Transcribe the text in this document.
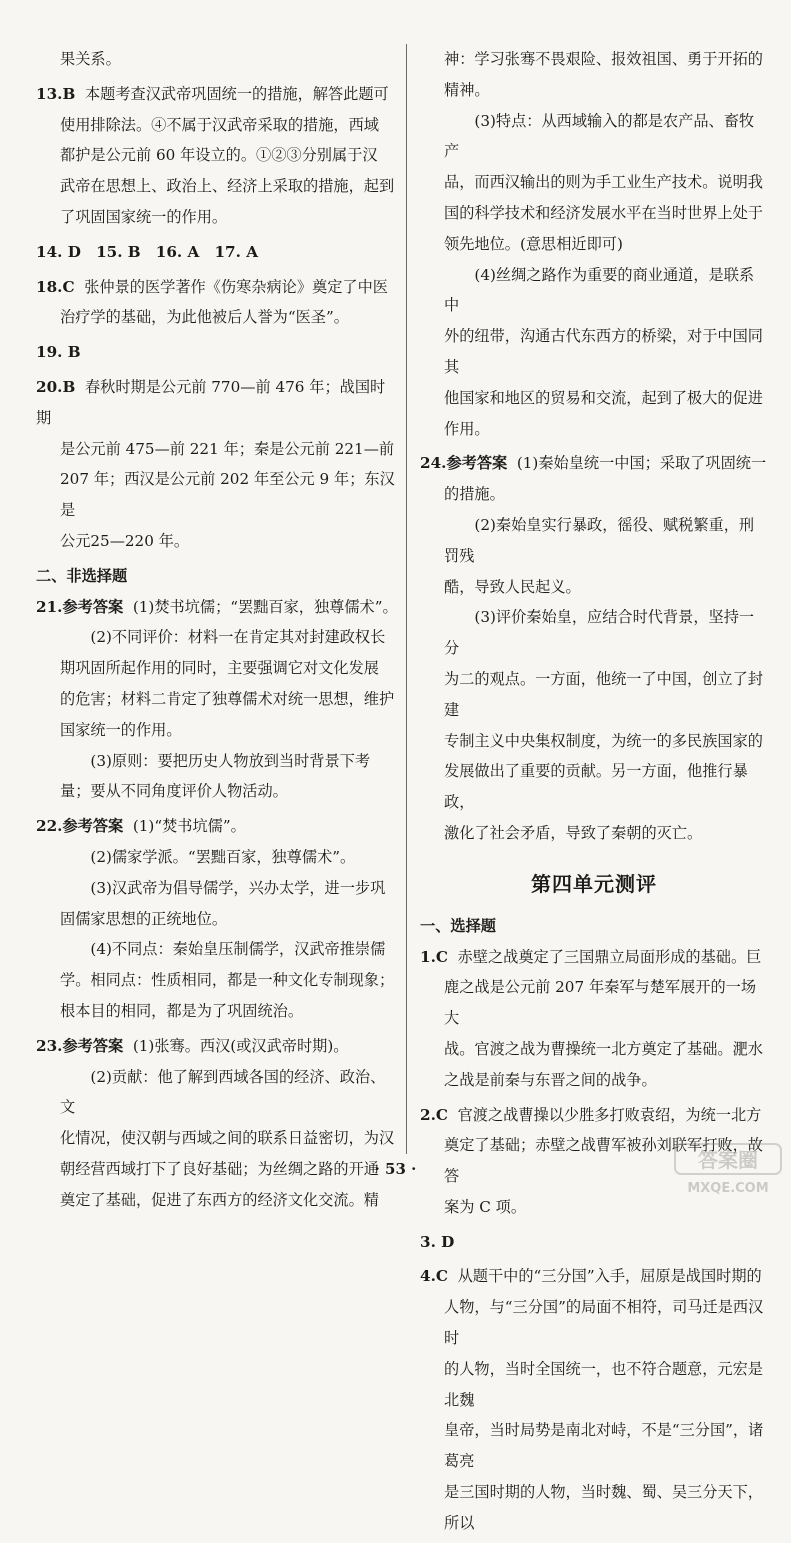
果关系。
13.B 本题考查汉武帝巩固统一的措施，解答此题可
使用排除法。④不属于汉武帝采取的措施，西域
都护是公元前 60 年设立的。①②③分别属于汉
武帝在思想上、政治上、经济上采取的措施，起到
了巩固国家统一的作用。
14. D　15. B　16. A　17. A
18.C 张仲景的医学著作《伤寒杂病论》奠定了中医
治疗学的基础，为此他被后人誉为“医圣”。
19. B
20.B 春秋时期是公元前 770—前 476 年；战国时期
是公元前 475—前 221 年；秦是公元前 221—前
207 年；西汉是公元前 202 年至公元 9 年；东汉是
公元25—220 年。
二、非选择题
21.参考答案 (1)焚书坑儒；“罢黜百家，独尊儒术”。
(2)不同评价：材料一在肯定其对封建政权长
期巩固所起作用的同时，主要强调它对文化发展
的危害；材料二肯定了独尊儒术对统一思想，维护
国家统一的作用。
(3)原则：要把历史人物放到当时背景下考
量；要从不同角度评价人物活动。
22.参考答案 (1)“焚书坑儒”。
(2)儒家学派。“罢黜百家，独尊儒术”。
(3)汉武帝为倡导儒学，兴办太学，进一步巩
固儒家思想的正统地位。
(4)不同点：秦始皇压制儒学，汉武帝推崇儒
学。相同点：性质相同，都是一种文化专制现象；
根本目的相同，都是为了巩固统治。
23.参考答案 (1)张骞。西汉(或汉武帝时期)。
(2)贡献：他了解到西域各国的经济、政治、文
化情况，使汉朝与西域之间的联系日益密切，为汉
朝经营西域打下了良好基础；为丝绸之路的开通
奠定了基础，促进了东西方的经济文化交流。精
神：学习张骞不畏艰险、报效祖国、勇于开拓的
精神。
(3)特点：从西域输入的都是农产品、畜牧产
品，而西汉输出的则为手工业生产技术。说明我
国的科学技术和经济发展水平在当时世界上处于
领先地位。(意思相近即可)
(4)丝绸之路作为重要的商业通道，是联系中
外的纽带，沟通古代东西方的桥梁，对于中国同其
他国家和地区的贸易和交流，起到了极大的促进
作用。
24.参考答案 (1)秦始皇统一中国；采取了巩固统一
的措施。
(2)秦始皇实行暴政，徭役、赋税繁重，刑罚残
酷，导致人民起义。
(3)评价秦始皇，应结合时代背景，坚持一分
为二的观点。一方面，他统一了中国，创立了封建
专制主义中央集权制度，为统一的多民族国家的
发展做出了重要的贡献。另一方面，他推行暴政，
激化了社会矛盾，导致了秦朝的灭亡。
第四单元测评
一、选择题
1.C 赤壁之战奠定了三国鼎立局面形成的基础。巨
鹿之战是公元前 207 年秦军与楚军展开的一场大
战。官渡之战为曹操统一北方奠定了基础。淝水
之战是前秦与东晋之间的战争。
2.C 官渡之战曹操以少胜多打败袁绍，为统一北方
奠定了基础；赤壁之战曹军被孙刘联军打败，故答
案为 C 项。
3. D
4.C 从题干中的“三分国”入手，屈原是战国时期的
人物，与“三分国”的局面不相符，司马迁是西汉时
的人物，当时全国统一，也不符合题意，元宏是北魏
皇帝，当时局势是南北对峙，不是“三分国”，诸葛亮
是三国时期的人物，当时魏、蜀、吴三分天下，所以
· 53 ·	答案圈
MXQE.COM
